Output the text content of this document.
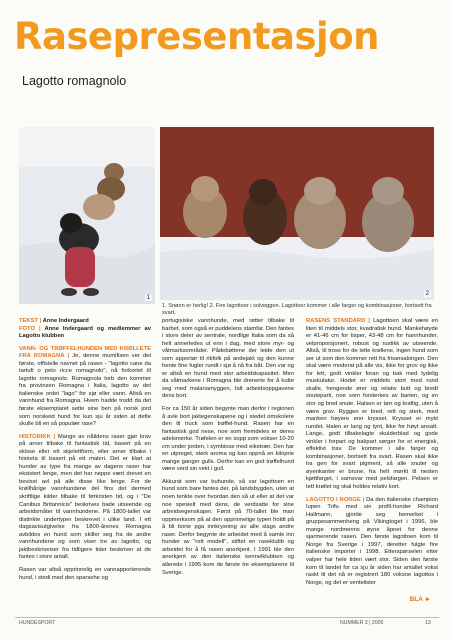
Rasepresentasjon
Lagotto romagnolo
1
2
1. Snøen er herlig! 2. Fire lagottoer i solveggen. Lagottoer kommer i alle farger og kombinasjoner, bortsett fra svart.

TEKST | Anne Indergaard
FOTO | Anne Indergaard og medlemmer av Lagotto klubben

VANN- OG TRØFFELHUNDEN MED KRØLLETE FRA ROMAGNA | Je, denne mumifisen ver det første, offisielle navnet på rasen - "lagotto cane da tartufi o pelo ricce romagnolo", nå forkortet til lagotto romagnolo. Romagnola torb den kommer fra provinsen Romagna i Italia, lagotto av det italienske ordet "lago" for sjø eller vann. Altså en vannhund fra Romagna. Hvem hadde trodd da det første eksemplaret sette sine ben på norsk jord som norskeid hund for kun sju år siden at dette skulle bli en så populær rase?

HISTORIKK | Mange av nålidens raser gjør krav på arner tilbake til fantastisk tid, basert på en skisse eller ett skjelettform, eller arner tilbake i historia til basert på ett maleri. Det er klart at hunder av type fra mange av dagens raser har eksistert lenge, men det har neppe vært drevet en bevisst avl på alle disse like lenge. For de krøllhårige vannhundene del fins det dermed skriftlige kilder tilbake til førkristen tid, og i "De Canibus Britannicis" beskrives bade utseende og arbeidsmåter til vannhundene. På 1800-tallet var distinkte undertyper beskrevet i ulike land. I ett dagsavisutgivelse fra 1800-årenes Romagna avbildes en hund som skiller seg fra de andre vannhundene og som viser tre av lagotto, og jaktbeskriveiser fra tidligere tider beskriver at de fantes i store antall.

Rasen var altså opprinnelig en vannapporterende hund, i stedi med den sparsehe og

portugisiske vannhunde, med røtter tilbake til barbet, som også er puddelens stamfar. Den fantes i store deler av sentrale, nordlige Italia som da så helt annerledes ut enn i dag, med store myr- og våtmarksområder. Pådebøttene der leide den ut som apportør til rikfolk på andejakt og den kunne hente fine fugler rundt i sjø å nå fra båt. Den var og er altså en hund med stor arbeidskapasitet. Men da våtmarkene i Romagna ble drenerte for å kutte seg med malariamyggen, falt arbeidsoppgavene dens bort.

For ca 150 år siden begynte man derfor i regionen å avle bort jaktegenskapene og i stedet omskolere den til truck som trøffel-hund. Rasen har en fantastisk god nese, noe som fremdeles er deres adelsmerke. Trøfelen er en sopp som vokser 10-20 cm under jorden, i symbiose med eiketrær. Den har en utpreget, sterk aroma og kan oppnå en kiloprie mange ganger gulls. Derfor kan en god trøffelhund være verd sin vekt i gull.

Akkurat som var buhunde, så var lagottoen en hund som bare fantes der, på landsbygden, uten at noen tenkte over hvordan den så ut eller at det var noe spesielt med dens, de verdsatte for sine arbeidsegenskaper. Først på 70-tallet ble man oppmerksom på at den opprinnelige typen holdt på å bli borte pga innkrysning av alle slags andre raser. Derfor begynte de arbeidet med å samle inn hunder av "rett modell", stiftet en raseklubb og arbeidet for å få rasen anerkjent. I 1991 ble den anerkjent av den italienske kennelklubben og allerede i 1995 kom de første tre eksemplarene til Sverige.

RASENS STANDARD | Lagottoen skal være en liten til middels stor, kvadratisk hund. Mankehøyde er 41-46 cm for tisper, 43-48 cm for hannhunder, velproporsjonert, robust og rustikk av utseende. Altså, til tross for de lette krøllene, ingen hund som ser ut som den kommer rett fra frisørsalongen. Den skal være moderat på alle vis, ikke for grov og ikke for lett, godt vinkler foran og bak med tydelig muskulatur. Hodet er middels stort med rund skalle, hengende ører og relativ butt og bredt snuteparti, noe som forsterkes av barten, og en stor og bred snute. Halsen er tørr og kraftig, uten å være grov. Ryggen er bred, rett og sterk, med manken høyere enn krysset. Krysset er mykt rundet. Halen er lang og tynt, ikke for høyt ansatt. Lange, godt tilbakelagte skulderblad og gode vinkler i forpart og bakpart sørger for et energisk, effektivt trav. De kommer i alle farger og kombinasjoner, bortsett fra svart. Rasen skal ikke ha gen for svart pigment, så alle snuter og øyenkanter er brune, fra helt mørkt til nesten kjøttfarget, i samsvar med pelsfargen. Pelsen er tett krøllet og skal holdes relativ kort.

LAGOTTO I NORGE | Da den italienske champion Iupen Trifu med sin profil-hunder Richard Hallmann, gjorde seg bemerket i gruppesammenheng på Vikingtoget i 1996, ble mange nordmenns øyne åpnet for denne sjarmerende rasen. Den første lagottoen kom til Norge fra Sverige i 1997, deretter fulgte fire italienske importer i 1998. Etterspørselen etter valper har hele tiden vært stor. Siden den første kom til landet for ca sju år siden har antallet vokst raskt til det nå er registrert 180 voksne lagottos i Norge, og det er ventelister

BLA ►
HUNDESPORT	NUMMER 3 | 2005	13
